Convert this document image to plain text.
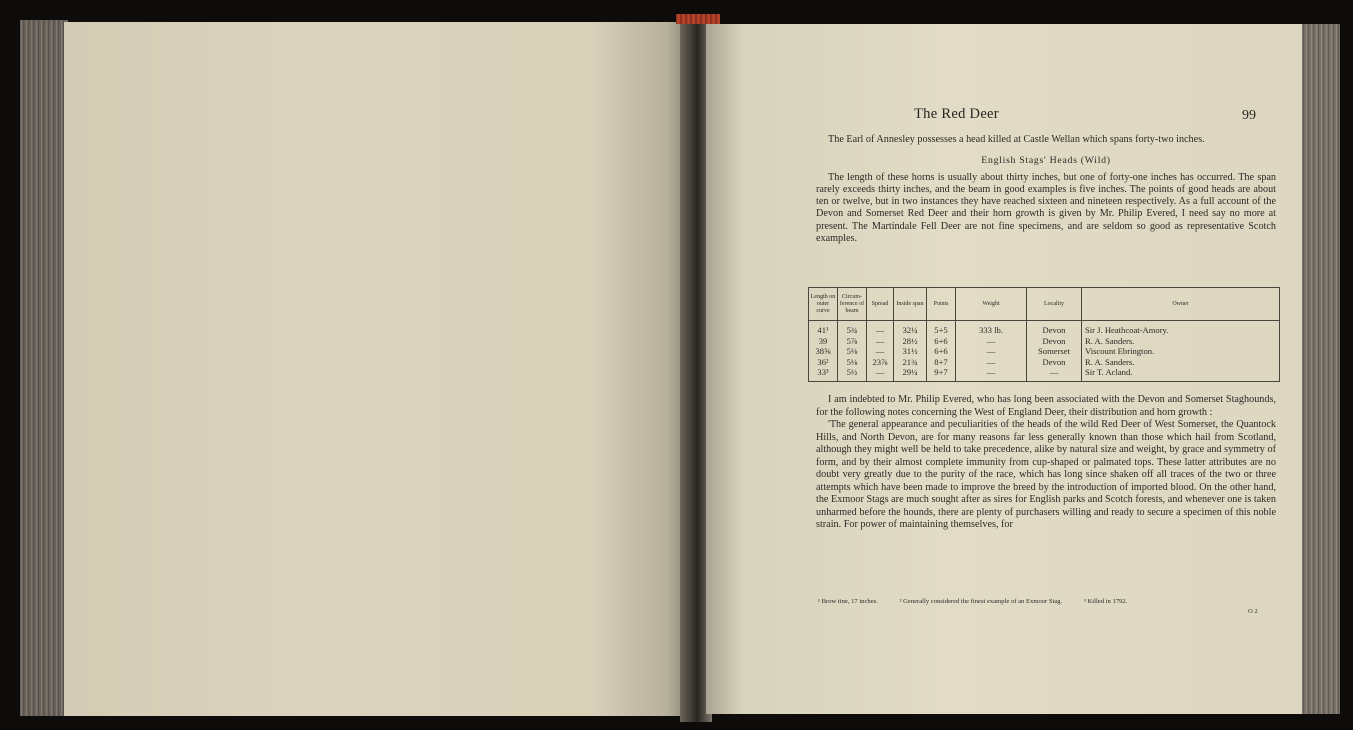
The Red Deer	99

The Earl of Annesley possesses a head killed at Castle Wellan which spans forty-two inches.

English Stags' Heads (Wild)

The length of these horns is usually about thirty inches, but one of forty-one inches has occurred. The span rarely exceeds thirty inches, and the beam in good examples is five inches. The points of good heads are about ten or twelve, but in two instances they have reached sixteen and nineteen respectively. As a full account of the Devon and Somerset Red Deer and their horn growth is given by Mr. Philip Evered, I need say no more at present. The Martindale Fell Deer are not fine specimens, and are seldom so good as representative Scotch examples.

Length on outer curve	Circum-ference of beam	Spread	Inside span	Points	Weight	Locality	Owner
41¹	5¾	—	32¼	5+5	333 lb.	Devon	Sir J. Heathcoat-Amory.
39	5⅞	—	28½	6+6	—	Devon	R. A. Sanders.
38⅝	5⅛	—	31½	6+6	—	Somerset	Viscount Ebrington.
36²	5⅛	23⅞	21¾	8+7	—	Devon	R. A. Sanders.
33³	5½	—	29¼	9+7	—	—	Sir T. Acland.

I am indebted to Mr. Philip Evered, who has long been associated with the Devon and Somerset Staghounds, for the following notes concerning the West of England Deer, their distribution and horn growth :

'The general appearance and peculiarities of the heads of the wild Red Deer of West Somerset, the Quantock Hills, and North Devon, are for many reasons far less generally known than those which hail from Scotland, although they might well be held to take precedence, alike by natural size and weight, by grace and symmetry of form, and by their almost complete immunity from cup-shaped or palmated tops. These latter attributes are no doubt very greatly due to the purity of the race, which has long since shaken off all traces of the two or three attempts which have been made to improve the breed by the introduction of imported blood. On the other hand, the Exmoor Stags are much sought after as sires for English parks and Scotch forests, and whenever one is taken unharmed before the hounds, there are plenty of purchasers willing and ready to secure a specimen of this noble strain. For power of maintaining themselves, for

¹ Brow tine, 17 inches.	² Generally considered the finest example of an Exmoor Stag.	³ Killed in 1792.
O 2
